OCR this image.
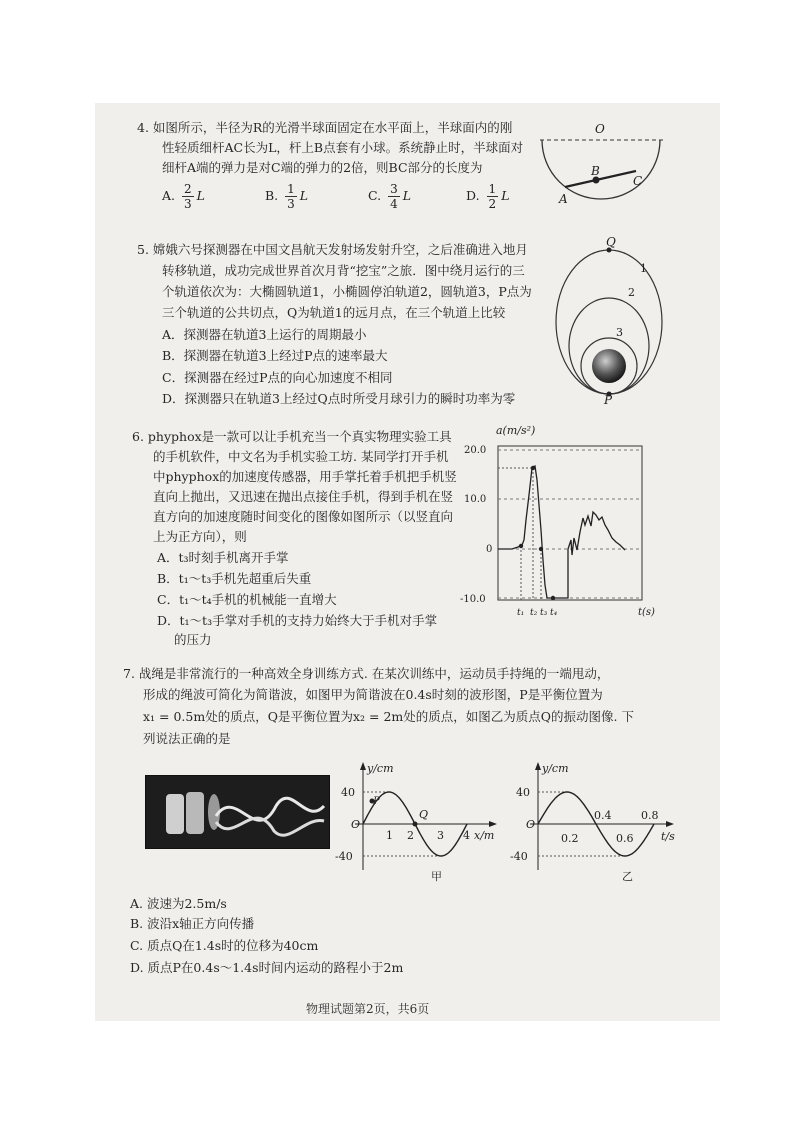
4. 如图所示，半径为R的光滑半球面固定在水平面上，半球面内的刚
性轻质细杆AC长为L，杆上B点套有小球。系统静止时，半球面对
细杆A端的弹力是对C端的弹力的2倍，则BC部分的长度为
A. $\frac{2}{3}$ L	B. $\frac{1}{3}$ L	C. $\frac{3}{4}$ L	D. $\frac{1}{2}$ L
O
A
B
C
5. 嫦娥六号探测器在中国文昌航天发射场发射升空，之后准确进入地月
转移轨道，成功完成世界首次月背“挖宝”之旅．图中绕月运行的三
个轨道依次为：大椭圆轨道1，小椭圆停泊轨道2，圆轨道3，P点为
三个轨道的公共切点，Q为轨道1的远月点，在三个轨道上比较
A．探测器在轨道3上运行的周期最小
B．探测器在轨道3上经过P点的速率最大
C．探测器在经过P点的向心加速度不相同
D．探测器只在轨道3上经过Q点时所受月球引力的瞬时功率为零
Q
P
1
2
3
6. phyphox是一款可以让手机充当一个真实物理实验工具
的手机软件，中文名为手机实验工坊. 某同学打开手机
中phyphox的加速度传感器，用手掌托着手机把手机竖
直向上抛出，又迅速在抛出点接住手机，得到手机在竖
直方向的加速度随时间变化的图像如图所示（以竖直向
上为正方向），则
A．t₃时刻手机离开手掌
B．t₁～t₃手机先超重后失重
C．t₁～t₄手机的机械能一直增大
D．t₁～t₃手掌对手机的支持力始终大于手机对手掌
的压力
a(m/s²)
20.0
10.0
0
-10.0
t₁ t₂ t₃ t₄	t(s)
7. 战绳是非常流行的一种高效全身训练方式. 在某次训练中，运动员手持绳的一端甩动，
形成的绳波可简化为简谐波，如图甲为简谐波在0.4s时刻的波形图，P是平衡位置为
x₁ = 0.5m处的质点，Q是平衡位置为x₂ = 2m处的质点，如图乙为质点Q的振动图像. 下
列说法正确的是
y/cm
40
-40
O
P
Q
1 2 3 4 x/m
甲
y/cm
40
-40
O
0.2
0.4
0.6
0.8
t/s
乙
A. 波速为2.5m/s
B. 波沿x轴正方向传播
C. 质点Q在1.4s时的位移为40cm
D. 质点P在0.4s～1.4s时间内运动的路程小于2m
物理试题第2页，共6页
